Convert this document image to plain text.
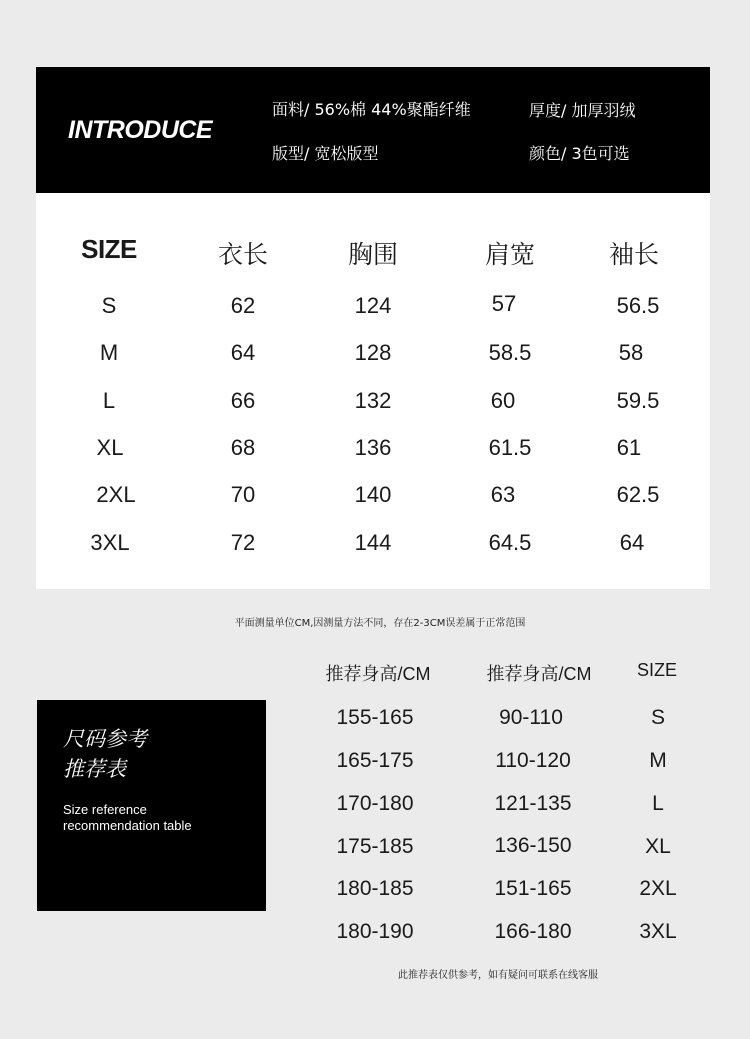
INTRODUCE
面料/ 56%棉 44%聚酯纤维	厚度/ 加厚羽绒
版型/ 宽松版型	颜色/ 3色可选
SIZE	衣长	胸围	肩宽	袖长
S	62	124	57	56.5
M	64	128	58.5	58
L	66	132	60	59.5
XL	68	136	61.5	61
2XL	70	140	63	62.5
3XL	72	144	64.5	64
平面测量单位CM,因测量方法不同，存在2-3CM误差属于正常范围
尺码参考
推荐表
Size reference
recommendation table
推荐身高/CM	推荐身高/CM	SIZE
155-165	90-110	S
165-175	110-120	M
170-180	121-135	L
175-185	136-150	XL
180-185	151-165	2XL
180-190	166-180	3XL
此推荐表仅供参考，如有疑问可联系在线客服
